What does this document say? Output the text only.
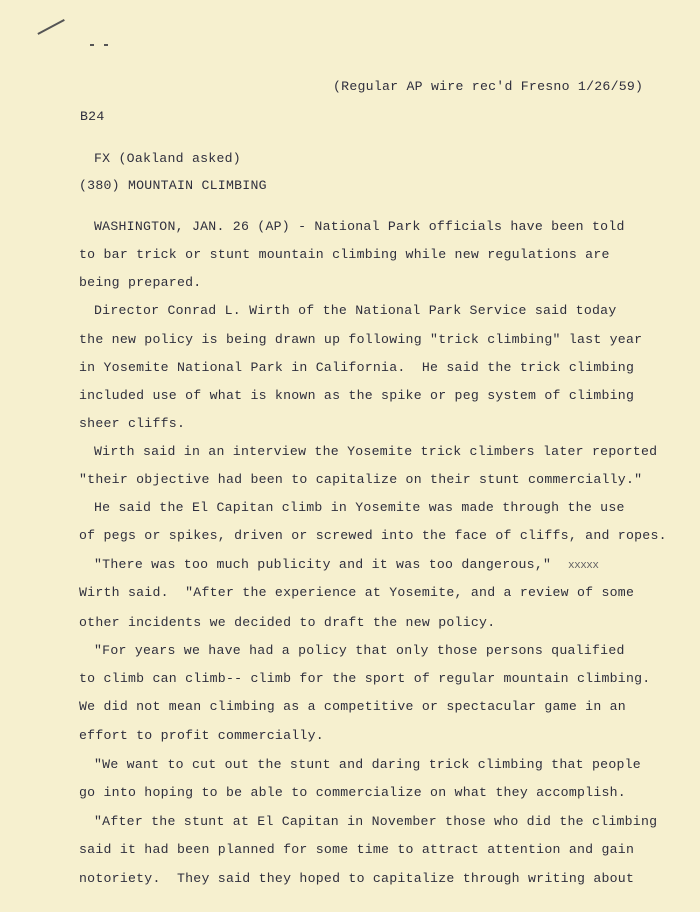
(Regular AP wire rec'd Fresno 1/26/59)
B24
FX (Oakland asked)
(380) MOUNTAIN CLIMBING
WASHINGTON, JAN. 26 (AP) - National Park officials have been told
to bar trick or stunt mountain climbing while new regulations are
being prepared.
Director Conrad L. Wirth of the National Park Service said today
the new policy is being drawn up following "trick climbing" last year
in Yosemite National Park in California.  He said the trick climbing
included use of what is known as the spike or peg system of climbing
sheer cliffs.
Wirth said in an interview the Yosemite trick climbers later reported
"their objective had been to capitalize on their stunt commercially."
He said the El Capitan climb in Yosemite was made through the use
of pegs or spikes, driven or screwed into the face of cliffs, and ropes.
"There was too much publicity and it was too dangerous," xxxxx
Wirth said.  "After the experience at Yosemite, and a review of some
other incidents we decided to draft the new policy.
"For years we have had a policy that only those persons qualified
to climb can climb-- climb for the sport of regular mountain climbing.
We did not mean climbing as a competitive or spectacular game in an
effort to profit commercially.
"We want to cut out the stunt and daring trick climbing that people
go into hoping to be able to commercialize on what they accomplish.
"After the stunt at El Capitan in November those who did the climbing
said it had been planned for some time to attract attention and gain
notoriety.  They said they hoped to capitalize through writing about
